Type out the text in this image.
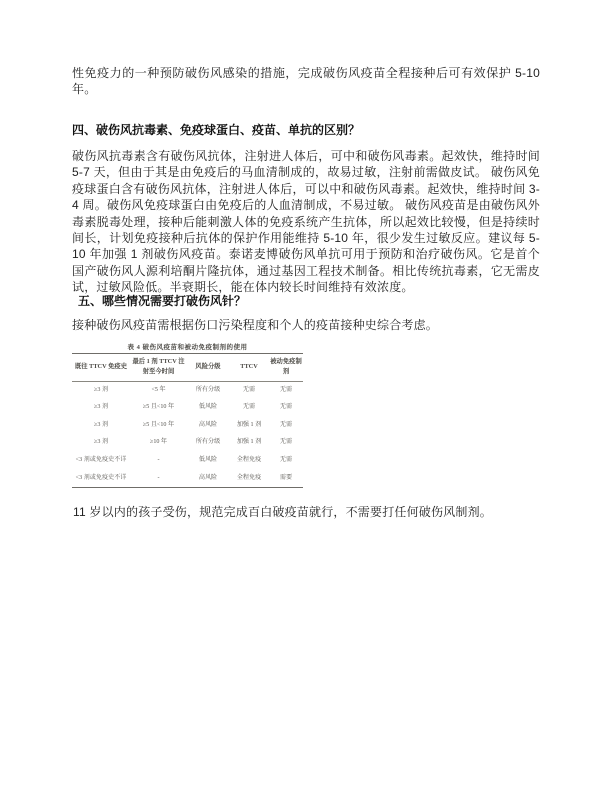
性免疫力的一种预防破伤风感染的措施，完成破伤风疫苗全程接种后可有效保护 5-10 年。
四、破伤风抗毒素、免疫球蛋白、疫苗、单抗的区别？
破伤风抗毒素含有破伤风抗体，注射进人体后，可中和破伤风毒素。起效快，维持时间 5-7 天，但由于其是由免疫后的马血清制成的，故易过敏，注射前需做皮试。 破伤风免疫球蛋白含有破伤风抗体，注射进人体后，可以中和破伤风毒素。起效快，维持时间 3-4 周。破伤风免疫球蛋白由免疫后的人血清制成，不易过敏。 破伤风疫苗是由破伤风外毒素脱毒处理，接种后能刺激人体的免疫系统产生抗体，所以起效比较慢，但是持续时间长，计划免疫接种后抗体的保护作用能维持 5-10 年，很少发生过敏反应。建议每 5-10 年加强 1 剂破伤风疫苗。泰诺麦博破伤风单抗可用于预防和治疗破伤风。它是首个国产破伤风人源利培酮片隆抗体，通过基因工程技术制备。相比传统抗毒素，它无需皮试，过敏风险低。半衰期长，能在体内较长时间维持有效浓度。
五、哪些情况需要打破伤风针？
接种破伤风疫苗需根据伤口污染程度和个人的疫苗接种史综合考虑。
表 4 破伤风疫苗和被动免疫制剂的使用
既往 TTCV 免疫史	最后 1 剂 TTCV 注射至今时间	风险分级	TTCV	被动免疫制剂
≥3 剂	<5 年	所有分级	无需	无需
≥3 剂	≥5 且<10 年	低风险	无需	无需
≥3 剂	≥5 且<10 年	高风险	加强 1 剂	无需
≥3 剂	≥10 年	所有分级	加强 1 剂	无需
<3 剂或免疫史不详	-	低风险	全程免疫	无需
<3 剂或免疫史不详	-	高风险	全程免疫	需要
11 岁以内的孩子受伤，规范完成百白破疫苗就行，不需要打任何破伤风制剂。
